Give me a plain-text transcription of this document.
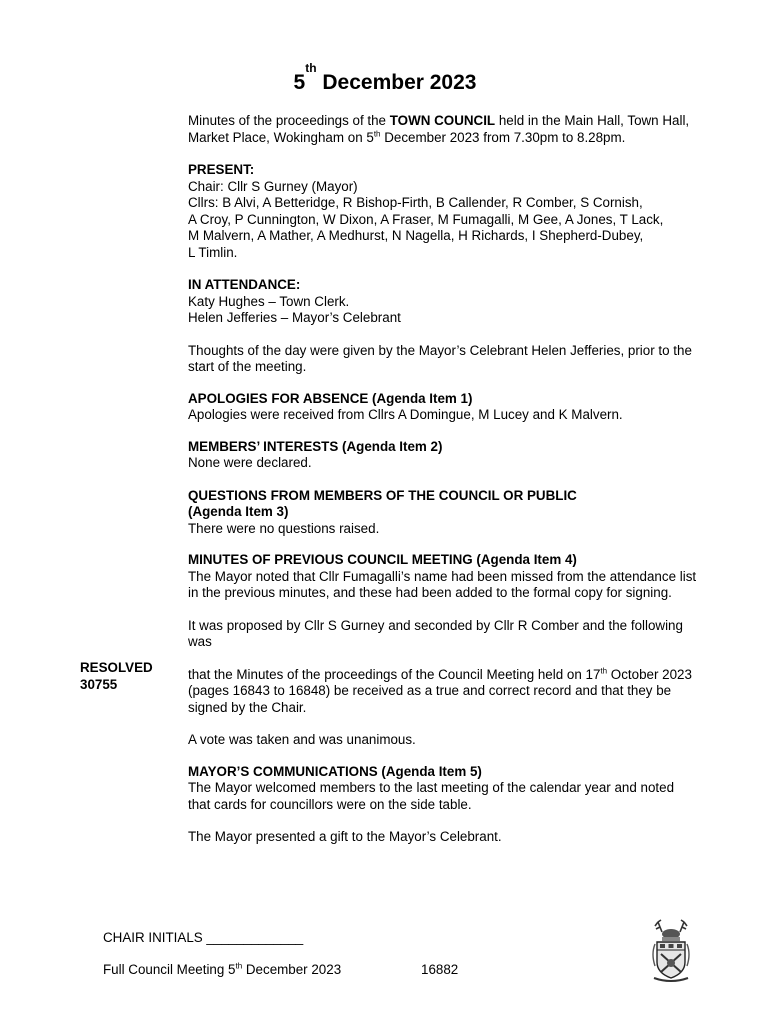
5th December 2023

Minutes of the proceedings of the TOWN COUNCIL held in the Main Hall, Town Hall, Market Place, Wokingham on 5th December 2023 from 7.30pm to 8.28pm.

PRESENT:

Chair: Cllr S Gurney (Mayor)

Cllrs: B Alvi, A Betteridge, R Bishop-Firth, B Callender, R Comber, S Cornish,

A Croy, P Cunnington, W Dixon, A Fraser, M Fumagalli, M Gee, A Jones, T Lack,

M Malvern, A Mather, A Medhurst, N Nagella, H Richards, I Shepherd-Dubey,

L Timlin.

IN ATTENDANCE:

Katy Hughes – Town Clerk.

Helen Jefferies – Mayor’s Celebrant

Thoughts of the day were given by the Mayor’s Celebrant Helen Jefferies, prior to the start of the meeting.

APOLOGIES FOR ABSENCE (Agenda Item 1)

Apologies were received from Cllrs A Domingue, M Lucey and K Malvern.

MEMBERS’ INTERESTS (Agenda Item 2)

None were declared.

QUESTIONS FROM MEMBERS OF THE COUNCIL OR PUBLIC

(Agenda Item 3)

There were no questions raised.

MINUTES OF PREVIOUS COUNCIL MEETING (Agenda Item 4)

The Mayor noted that Cllr Fumagalli’s name had been missed from the attendance list in the previous minutes, and these had been added to the formal copy for signing.

It was proposed by Cllr S Gurney and seconded by Cllr R Comber and the following was

that the Minutes of the proceedings of the Council Meeting held on 17th October 2023 (pages 16843 to 16848) be received as a true and correct record and that they be signed by the Chair.

A vote was taken and was unanimous.

MAYOR’S COMMUNICATIONS (Agenda Item 5)

The Mayor welcomed members to the last meeting of the calendar year and noted that cards for councillors were on the side table.

The Mayor presented a gift to the Mayor’s Celebrant.

RESOLVED
30755
CHAIR INITIALS _____________
Full Council Meeting 5th December 2023	16882
